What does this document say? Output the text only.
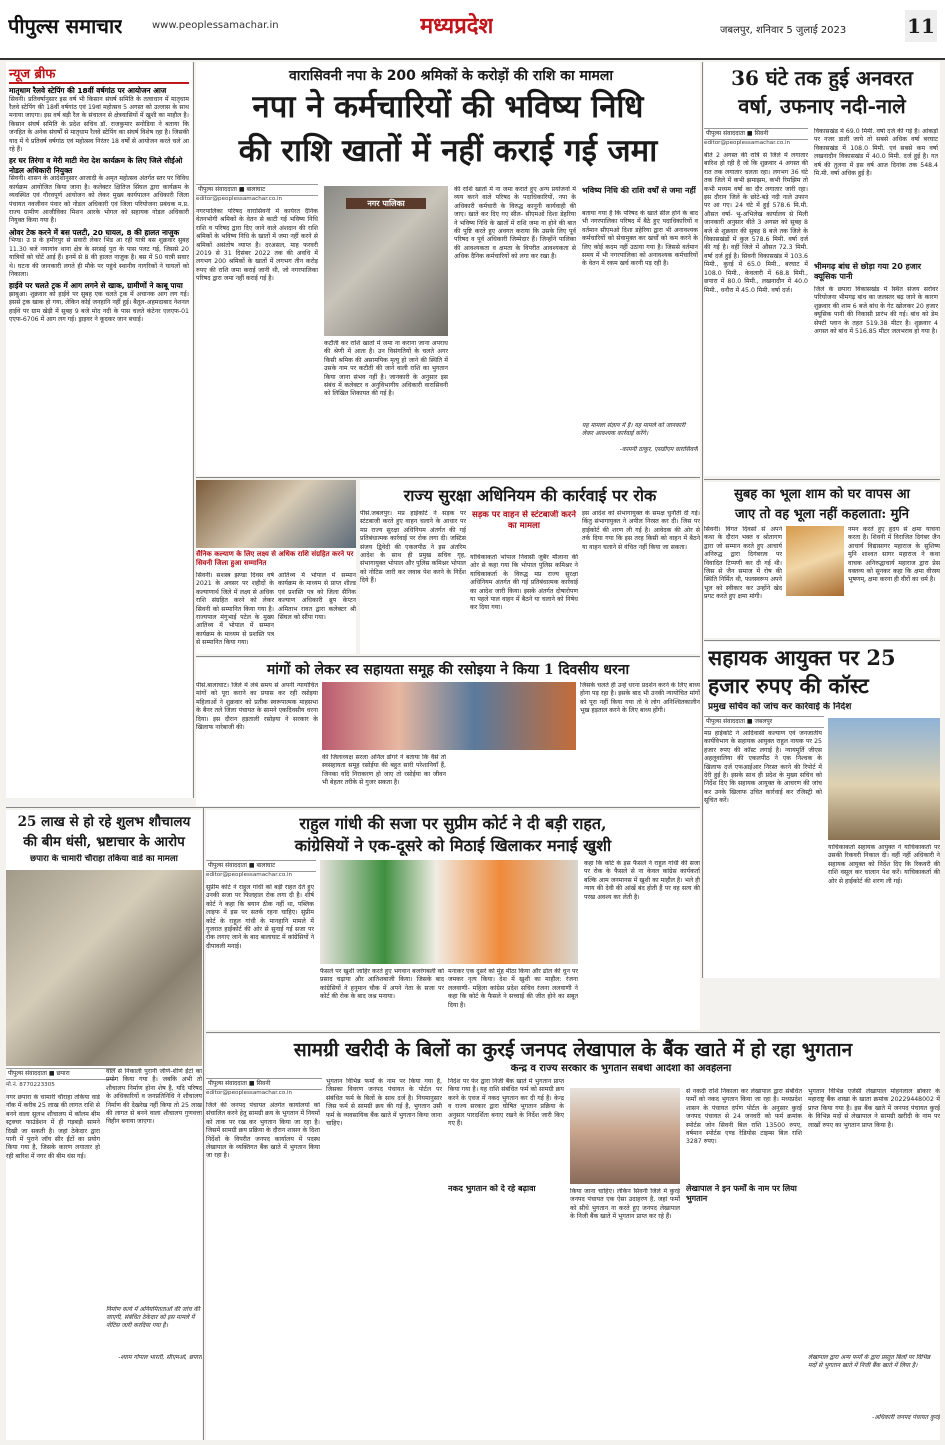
पीपुल्स समाचार	www.peoplessamachar.in	मध्यप्रदेश	जबलपुर, शनिवार 5 जुलाई 2023	11
न्यूज ब्रीफ
मातृधाम रैलवे स्टेपिंग की 18वीं वर्षगांठ पर आयोजन आज
सिवनी। प्रतिवर्षानुसार इस वर्ष भी किसान संघर्ष समिति के तत्वाधान में मातृधाम रैलवे स्टेपिंग की 18वीं वर्षगांठ एवं 19वां महोत्सव 5 अगस्त को उल्लास के साथ मनाया जाएगा। इस वर्ष बड़ी रैल के संचालन से क्षेत्रवासियों में खुशी का माहौल है। किसान संघर्ष समिति के प्रदेश सचिव डॉ. राजकुमार सनोडिया ने बताया कि जनहित के अनेक संघर्षों से मातृधाम रैलवे स्टेपिंग का संघर्ष विशेष रहा है। जिसकी याद में ये प्रतिवर्ष वर्षगांठ एवं महोत्सव निरंतर 18 वर्षों से आयोजन करते चले आ रहे हैं।
हर घर तिरंगा व मेरी माटी मेरा देश कार्यक्रम के लिए जिले सीईओ नोडल अधिकारी नियुक्त
सिवनी। शासन के आदेशानुसार आजादी के अमृत महोत्सव अंतर्गत स्तर पर विविध कार्यक्रम आयोजित किया जाना है। कलेक्टर क्षितिज सिंघल द्वारा कार्यक्रम के व्यवस्थित एवं गौरवपूर्ण आयोजन को लेकर मुख्य कार्यपालन अधिकारी जिला पंचायत नवजीवन पंवार को नोडल अधिकारी एवं जिला परियोजना प्रबंधक म.प्र. राज्य ग्रामीण आजीविका मिशन आरके भोगल को सहायक नोडल अधिकारी नियुक्त किया गया है।
ओवर टेक करने में बस पलटी, 20 घायल, 8 की हालत नाजुक
भिण्ड। उ प्र के हमीरपुर से सवारी लेकर भिंड आ रही यात्री बस शुक्रवार सुबह 11.30 बजे नयागांव थाना क्षेत्र के सरसई पुरा के पास पलट गई, जिससे 20 यात्रियों को चोटें आई हैं। इनमें से 8 की हालत नाजुक है। बस में 50 यात्री सवार थे। घटना की जानकारी लगते ही मौके पर पहुंचे स्थानीय नागरिकों ने घायलों को निकाला।
हाईवे पर चलते ट्रक में आग लगने से खाक, ग्रामीणों ने काबू पाया
झाबुआ। शुक्रवार को हाईवे पर सुबह एक चलते ट्रक में अचानक आग लग गई। इससे ट्रक खाक हो गया, लेकिन कोई जनहानि नहीं हुई। बैतूल-अहमदाबाद नेशनल हाईवे पर ग्राम खेड़ी में सुबह 9 बजे मोद नदी के पास चलते कंटेनर एलएफ-01 एएफ-6706 में आग लग गई। ड्राइवर ने कूदकर जान बचाई।
वारासिवनी नपा के 200 श्रमिकों के करोड़ों की राशि का मामला
नपा ने कर्मचारियों की भविष्य निधि
की राशि खातों में नहीं कराई गई जमा
पीपुल्स संवाददाता ■ बालाघाट
editor@peoplessamachar.co.in
नगरपालिका परिषद वारासिवनी में कार्यरत दैनिक वेतनभोगी श्रमिकों के वेतन से काटी गई भविष्य निधि राशि व परिषद द्वारा दिए जाने वाले अंशदान की राशि श्रमिकों के भविष्य निधि के खातों में जमा नहीं करने से श्रमिकों असंतोष व्याप्त है। दरअसल, माह फरवरी 2019 से 31 दिसंबर 2022 तक की अवधि में लगभग 200 श्रमिकों के खातों में लगभग तीन करोड़ रुपए की राशि जमा कराई जानी थी, जो नगरपालिका परिषद द्वारा जमा नहीं कराई गई है।
नगर पालिका
कटौती कर राशि खातों में जमा ना कराना जाना अपराध की श्रेणी में आता है। उन विसंगतियों के चलते अगर किसी श्रमिक की असामयिक मृत्यु हो जाने की स्थिति में उसके नाम पर कटौती की जाने वाली राशि का भुगतान किया जाना संभव नहीं है। जानकारी के अनुसार इस संबंध में कलेक्टर व अनुविभागीय अधिकारी वारासिवनी को लिखित शिकायत की गई है।
की राशि खातों में ना जमा कराते हुए अन्य प्रयोजनों में व्यय करने वाले परिषद के पदाधिकारियों, नपा के अधिकारी कर्मचारी के विरुद्ध कानूनी कार्यवाही की जाए। खाते कर दिए गए सील- सीएमओ दिशा डेहरिया ने भविष्य निधि के खातों में राशि जमा ना होने की बात की पुष्टि करते हुए अवगत कराया कि उसके लिए पूर्व परिषद व पूर्व अधिकारी जिम्मेदार हैं। जिन्होंने पालिका की आवश्यकता व क्षमता के विपरीत आवश्यकता से अधिक दैनिक कर्मचारियों को लगा कर रखा है।
भविष्य निधि की राशि वर्षों से जमा नहीं
बताया गया है कि परिषद के खाते सील होने के बाद भी नगरपालिका परिषद में बैठे हुए पदाधिकारियों व वर्तमान सीएमओ दिशा डहेरिया द्वारा भी अनावश्यक कर्मचारियों को सेवामुक्त कर खर्चों को कम करने के लिए कोई कदम नहीं उठाया गया है। जिससे वर्तमान समय में भी नगरपालिका को अनावश्यक कर्मचारियों के वेतन में रकम खर्च करनी पड़ रही है।
यह मामला संज्ञान में है। यह मामले को जानकारी लेकर आवश्यक कार्रवाई करेंगे।
-कामनी ठाकुर, एसडीएम वारासिवनी
36 घंटे तक हुई अनवरत
वर्षा, उफनाए नदी-नाले
पीपुल्स संवाददाता ■ सिवनी
editor@peoplessamachar.co.in
बीते 2 अगस्त की रात्रि से जिले में लगातार बारिश हो रही है जो कि शुक्रवार 4 अगस्त की रात तक लगातार चलता रहा। लगभग 36 घंटे तक जिले में कभी झमाझम, कभी रिमझिम तो कभी मध्यम वर्षा का दौर लगातार जारी रहा। इस दौरान जिले के छोटे-बड़े नदी नाले उफान पर आ गए। 24 घंटे में हुई 578.6 मि.मी. औसत वर्षा- भू-अभिलेख कार्यालय से मिली जानकारी अनुसार बीते 3 अगस्त को सुबह 8 बजे से शुक्रवार की सुबह 8 बजे तक जिले के विकासखंडों में कुल 578.6 मिमी. वर्षा दर्ज की गई है। वहीं जिले में औसत 72.3 मिमी. वर्षा दर्ज हुई है। सिवनी विकासखंड में 103.6 मिमी., कुरई में 65.0 मिमी., बरघाट में 108.0 मिमी., केवलारी में 68.8 मिमी., छपारा में 80.0 मिमी., लखनादौन में 40.0 मिमी., धनौरा में 45.0 मिमी. वर्षा दर्ज।
विकासखंड में 69.0 मिमी. वर्षा दर्ज की गई है। आंकड़ों पर नजर डाली जाये तो सबसे अधिक वर्षा बरघाट विकासखंड में 108.0 मिमी. एवं सबसे कम वर्षा लखनादौन विकासखंड में 40.0 मिमी. दर्ज हुई है। गत वर्ष की तुलना में इस वर्ष आज दिनांक तक 548.4 मि.मी. वर्षा अधिक हुई है।
भीमगढ़ बांध से छोड़ा गया 20 हजार क्यूसिक पानी
जिले के छपारा विकासखंड में स्थित संजय सरोवर परियोजना भीमगढ़ बांध का जलस्तर बढ़ जाने के कारण शुक्रवार की शाम 6 बजे बांध के गेट खोलकर 20 हजार क्यूसिक पानी की निकासी प्रारंभ की गई। बांध को डेम सेफ्टी प्लान के तहत 519.38 मीटर है। शुक्रवार 4 अगस्त को बांध में 516.85 मीटर जलभराव हो गया है।
सुबह का भूला शाम को घर वापस आ
जाए तो वह भूला नहीं कहलाता: मुनि
सिवनी। विगत दिवसों से अपने कथा के दौरान भक्त व श्रोतागण द्वारा जो सम्मान करते हुए आचार्य अनिरुद्ध द्वारा दिगंबरत्व पर विवादित टिप्पणी कर दी गई थी। जिस से जैन समाज में रोष की स्थिति निर्मित थी, फलस्वरूप अपने भूल को स्वीकार कर उन्होंने खेद प्रगट करते हुए क्षमा मांगी।
नमन करते हुए हृदय से क्षमा याचना करता है। शिवनी में विराजित दिगंबर जैन आचार्य विद्यासागर महाराज के सुशिष्य मुनि शाश्वत सागर महाराज ने कथा वाचक अनिरुद्धाचार्य महाराज द्वारा प्रेस वक्तव्य को सुनकर कहा कि क्षमा वीरस्य भूषणम्, क्षमा करना ही वीरों का धर्म है।
सैनिक कल्याण के लिए लक्ष्य से अधिक राशि संग्रहित करने पर सिवनी जिला हुआ सम्मानित
सिवनी। सशस्त्र झण्डा दिवस वर्ष 2021 के अवसर पर शहीदों के कल्याणार्थ जिले में लक्ष्य से अधिक राशि संग्रहित करने को लेकर सिवनी को सम्मानित किया गया है। राज्यपाल मंगुभाई पटेल के मुख्य आतिथ्य में भोपाल में सम्मान कार्यक्रम के माध्यम से प्रशस्ति पत्र से सम्मानित किया गया।
आतिथ्य में भोपाल में सम्मान कार्यक्रम के माध्यम से प्राप्त शील्ड एवं प्रशस्ति पत्र को जिला सैनिक कल्याण अधिकारी ब्रुप केप्टन अमिताभ रावत द्वारा कलेक्टर श्री सिंघल को सौंपा गया।
राज्य सुरक्षा अधिनियम की कार्रवाई पर रोक
पीसं.जबलपुर। मप्र हाईकोर्ट ने सड़क पर स्टंटबाजी करते हुए वाहन चलाने के आधार पर मप्र राज्य सुरक्षा अधिनियम अंतर्गत की गई प्रतिबंधात्मक कार्रवाई पर रोक लगा दी। जस्टिस संजय द्विवेदी की एकलपीठ ने इस अंतरिम आदेश के साथ ही प्रमुख सचिव गृह, संभागायुक्त भोपाल और पुलिस कमिश्नर भोपाल को नोटिस जारी कर जवाब पेश करने के निर्देश दिये हैं।
सड़क पर वाहन से स्टंटबाजी करने का मामला
यांचिकाकर्ता भोपाल निवासी जुबैर मौलाना की ओर से कहा गया कि भोपाल पुलिस कमिश्नर ने याचिकाकर्ता के विरुद्ध मप्र राज्य सुरक्षा अधिनियम अंतर्गत की गई प्रतिबंधात्मक कार्रवाई का आदेश जारी किया। इसके अंतर्गत दोषारोपण या पहले पाल वाहन में बैठने या चलाने को निषेध कर दिया गया।
इस आदेश को संभागायुक्त के समक्ष चुनौती दी गई। किंतु संभागायुक्त ने अपील निरस्त कर दी। जिस पर हाईकोर्ट की शरण ली गई है। आवेदक की ओर से तर्क दिया गया कि इस तरह किसी को वाहन में बैठने या वाहन चलाने से वंचित नहीं किया जा सकता।
मांगों को लेकर स्व सहायता समूह की रसोइया ने किया 1 दिवसीय धरना
पीसं.बालाघाट। जिले में लंबे समय से अपनी न्यायोचित मांगों को पूरा कराने का प्रयास कर रही रसोइया महिलाओं ने शुक्रवार को प्रतीक स्वरूपात्मक माहसभा के बैनर तले जिला पंचायत के सामने एकदिवसीय धरना दिया। इस दौरान हड़ताली रसोइया ने सरकार के खिलाफ नारेबाजी की।
की जिलाध्यक्ष सरला अनिल डोंगरे ने बताया कि वैसे तो स्वसहायता समूह रसोईया की बहुत सारी परेशानियाँ हैं, जिनका यदि निराकरण हो जाए तो रसोईया का जीवन भी बेहतर तरीके से गुजर सकता है।
जिसके चलते ही उन्हें धरना प्रदर्शन करने के लिए बाध्य होना पड़ रहा है। इसके बाद भी उनकी न्यायोचित मांगों को पूरा नहीं किया गया तो वे लोग अनिश्चितकालीन भूख हड़ताल करने के लिए बाध्य होंगी।
सहायक आयुक्त पर 25
हजार रुपए की कॉस्ट
प्रमुख सचिव को जांच कर कार्रवाई के निर्देश
पीपुल्स संवाददाता ■ जबलपुर
मप्र हाईकोर्ट ने आदिवासी कल्याण एवं जनजातीय कार्यविभाग के सहायक आयुक्त राहुल नायक पर 25 हजार रुपए की कॉस्ट लगाई है। न्यायमूर्ति जीएस अहलूवालिया की एकलपीठ ने एक निश्चक के खिलाफ दर्ज एफआईआर निरस्त करने की रिपोर्ट में देरी हुई है। इसके साथ ही प्रदेश के मुख्य सचिव को निर्देश दिए कि सहायक आयुक्त के आचरण की जांच कर उनके खिलाफ उचित कार्रवाई कर रजिस्ट्री को सूचित करें।
याचिकाकर्ता सहायक आयुक्त ने याचिकाकर्ता पर उसकी रिकवरी निकाल दी। वहीं नहीं अधिकारी ने सहायक आयुक्त को निर्देश दिए कि रिकवरी की राशि वसूल कर चालान पेश करें। याचिकाकर्ता की ओर से हाईकोर्ट की शरण ली गई।
25 लाख से हो रहे शुलभ शौचालय
की बीम धंसी, भ्रष्टाचार के आरोप
छपारा के चामारी चौराहा तकिया वार्ड का मामला
पीपुल्स संवाददाता ■ छपारा
मो.नं. 8770223305
नगर छपारा के चामारी चौराहा तकिया वार्ड नॉक में करीब 25 लाख की लागत राशि से बनने वाला सुलभ शौचालय में कॉलम बीम स्ट्रक्चर फाउंडेशन में ही गड़बड़ी सामने दिखी जा सकती है। जहां ठेकेदार द्वारा पानी में पुराने जॉय सीर ईंटों का प्रयोग किया गया है, जिसके कारण लगातार हो रही बारिश में नगर की बीम धंस गई।
वाल से निकाली पुरानी जीर्ण-शीर्ण ईंटों का प्रयोग किया गया है। जबकि अभी तो शौचालय निर्माण होना शेष है, यदि परिषद के अधिकारियों व जनप्रतिनिधि ने शौचालय निर्माण की देखरेख नहीं किया तो 25 लाख की लागत से बनने वाला शौचालय गुणवत्ता विहीन बनाया जाएगा।
निर्माण कार्य में अनियमितताओं की जांच की जाएगी, संबंधित ठेकेदार को इस मामले में नोटिस जारी करदिया गया है।
-श्याम गोपाल भारती, सीएमओ, छपारा
राहुल गांधी की सजा पर सुप्रीम कोर्ट ने दी बड़ी राहत,
कांग्रेसियों ने एक-दूसरे को मिठाई खिलाकर मनाई खुशी
पीपुल्स संवाददाता ■ बालाघाट
editor@peoplessamachar.co.in
सुप्रीम कोर्ट ने राहुल गांधी को बड़ी राहत देते हुए उनकी सजा पर फिलहाल रोक लगा दी है। शीर्ष कोर्ट ने कहा कि बयान ठीक नहीं था, पब्लिक लाइफ में इस पर सतर्क रहना चाहिए। सुप्रीम कोर्ट के राहुल गांधी के मानहानि मामले में गुजरात हाईकोर्ट की ओर से सुनाई गई सजा पर रोक लगाए जाने के बाद बालाघाट में कांग्रेसियों ने दीपावली मनाई।
फैसले पर खुशी जाहिर करते हुए भगवान बजरंगबली को प्रसाद चढ़ाया और आतिशबाजी किया। जिसके बाद कांग्रेसियों ने हनुमान चौक में अपने नेता के सजा पर कोर्ट की रोक के बाद जश्न मनाया।
मनाकर एक दूसरे को मुंह मीठा किया और ढोल की धुन पर जमकर नृत्य किया। देश में खुशी का माहौल: रंजना ललवाणी- महिला कांग्रेस प्रदेश सचिव रंजना ललवाणी ने कहा कि कोर्ट के फैसले ने सच्चाई की जीत होने का सबूत दिया है।
कहा कि कोर्ट के इस फैसले ने राहुल गांधी की सजा पर रोक के फैसले से ना केवल कांग्रेस कार्यकर्ता बल्कि आम जनमानस में खुशी का माहौल है। भले ही न्याय की देवी की आंखें बंद होती हैं पर वह सत्य की परख अवश्य कर लेती है।
सामग्री खरीदी के बिलों का कुरई जनपद लेखापाल के बैंक खाते में हो रहा भुगतान
केन्द्र व राज्य सरकार के भुगतान संबंधी आदेशों की अवहेलना
पीपुल्स संवाददाता ■ सिवनी
editor@peoplessamachar.co.in
जिले की जनपद पंचायत अंतर्गत कार्यालयों को संचालित करने हेतु सामग्री क्रय के भुगतान में नियमों को ताक पर रख कर भुगतान किया जा रहा है। जिसमें सामग्री क्रय प्रक्रिया के दौरान शासन के दिशा निर्देशों के विपरीत जनपद कार्यालय में पदस्थ लेखापाल के व्यक्तिगत बैंक खाते में भुगतान किया जा रहा है।
भुगतान विभिन्न फर्मों के नाम पर किया गया है, जिसका विवरण जनपद पंचायत के पोर्टल पर संबंधित फर्म के बिलों के साथ दर्ज है। नियमानुसार जिस फर्म से सामग्री क्रय की गई है, भुगतान उसी फर्म के व्यवसायिक बैंक खाते में भुगतान किया जाना चाहिए।
नकद भुगतान को दे रहे बढ़ावा
निर्देश पर फेर द्वारा निजी बैंक खाते में भुगतान प्राप्त किया गया है। यह राशि संबंधित फर्म को सामग्री क्रय करने के एवज में नकद भुगतान कर दी गई है। केन्द्र व राज्य सरकार द्वारा घोषित भुगतान प्रक्रिया के अनुसार पारदर्शिता बनाए रखने के निर्देश जारी किए गए हैं।
किया जाना चाहिए। लेकिन सिवनी जिले में कुरई जनपद पंचायत एक ऐसा उदाहरण है, जहां फर्मों को सीधे भुगतान ना करते हुए जनपद लेखापाल के निजी बैंक खाते में भुगतान प्राप्त कर रहे हैं।
लेखापाल ने इन फर्मों के नाम पर लिया भुगतान
से नकदी राशि निकाला कर लेखापाल द्वारा संबंधित फर्मों को नकद भुगतान किया जा रहा है। मध्यप्रदेश शासन के पंचायत दर्पण पोर्टल के अनुसार कुरई जनपद पंचायत से 24 जनवरी को फर्म क्रमांक स्पोर्टस जोन सिवनी बिल राशि 13500 रुपए, वर्षमान स्पोर्टस एण्ड रेडियोस टाइम्स बिल राशि 3287 रुपए।
भुगतान विभिन्न एजेंसी लेखापाल मोहनलाल ब्रोकार के महाराष्ट्र बैंक शाखा के खाता क्रमांक 20229448002 में प्राप्त किया गया है। इस बैंक खाते में जनपद पंचायत कुरई के विभिन्न मदों से लेखापाल ने सामग्री खरीदी के नाम पर लाखों रुपए का भुगतान प्राप्त किया है।
लेखापाल द्वारा अन्य फर्मों के द्वारा प्रस्तुत बिलों पर विभिन्न मदों से भुगतान खाते में निजी बैंक खाते में लिया है।
-अधिकारी जनपद पंचायत कुरई
